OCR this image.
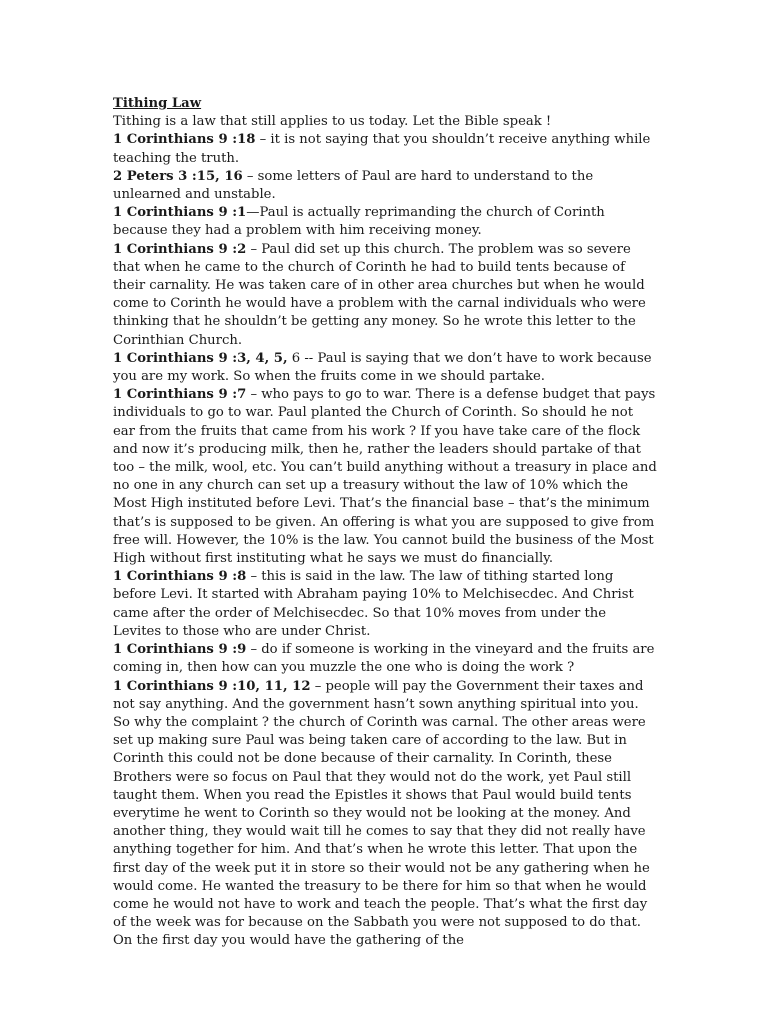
Tithing Law

Tithing is a law that still applies to us today. Let the Bible speak !

1 Corinthians 9 :18 – it is not saying that you shouldn’t receive anything while teaching the truth.

2 Peters 3 :15, 16 – some letters of Paul are hard to understand to the unlearned and unstable.

1 Corinthians 9 :1—Paul is actually reprimanding the church of Corinth because they had a problem with him receiving money.

1 Corinthians 9 :2 – Paul did set up this church. The problem was so severe that when he came to the church of Corinth he had to build tents because of their carnality. He was taken care of in other area churches but when he would come to Corinth he would have a problem with the carnal individuals who were thinking that he shouldn’t be getting any money. So he wrote this letter to the Corinthian Church.

1 Corinthians 9 :3, 4, 5, 6 -- Paul is saying that we don’t have to work because you are my work. So when the fruits come in we should partake.

1 Corinthians 9 :7 – who pays to go to war. There is a defense budget that pays individuals to go to war. Paul planted the Church of Corinth. So should he not ear from the fruits that came from his work ? If you have take care of the flock and now it’s producing milk, then he, rather the leaders should partake of that too – the milk, wool, etc. You can’t build anything without a treasury in place and no one in any church can set up a treasury without the law of 10% which the Most High instituted before Levi. That’s the financial base – that’s the minimum that’s is supposed to be given. An offering is what you are supposed to give from free will. However, the 10% is the law. You cannot build the business of the Most High without first instituting what he says we must do financially.

1 Corinthians 9 :8 – this is said in the law. The law of tithing started long before Levi. It started with Abraham paying 10% to Melchisecdec. And Christ came after the order of Melchisecdec. So that 10% moves from under the Levites to those who are under Christ.

1 Corinthians 9 :9 – do if someone is working in the vineyard and the fruits are coming in, then how can you muzzle the one who is doing the work ?

1 Corinthians 9 :10, 11, 12 – people will pay the Government their taxes and not say anything. And the government hasn’t sown anything spiritual into you. So why the complaint ? the church of Corinth was carnal. The other areas were set up making sure Paul was being taken care of according to the law. But in Corinth this could not be done because of their carnality. In Corinth, these Brothers were so focus on Paul that they would not do the work, yet Paul still taught them. When you read the Epistles it shows that Paul would build tents everytime he went to Corinth so they would not be looking at the money. And another thing, they would wait till he comes to say that they did not really have anything together for him. And that’s when he wrote this letter. That upon the first day of the week put it in store so their would not be any gathering when he would come. He wanted the treasury to be there for him so that when he would come he would not have to work and teach the people. That’s what the first day of the week was for because on the Sabbath you were not supposed to do that. On the first day you would have the gathering of the
